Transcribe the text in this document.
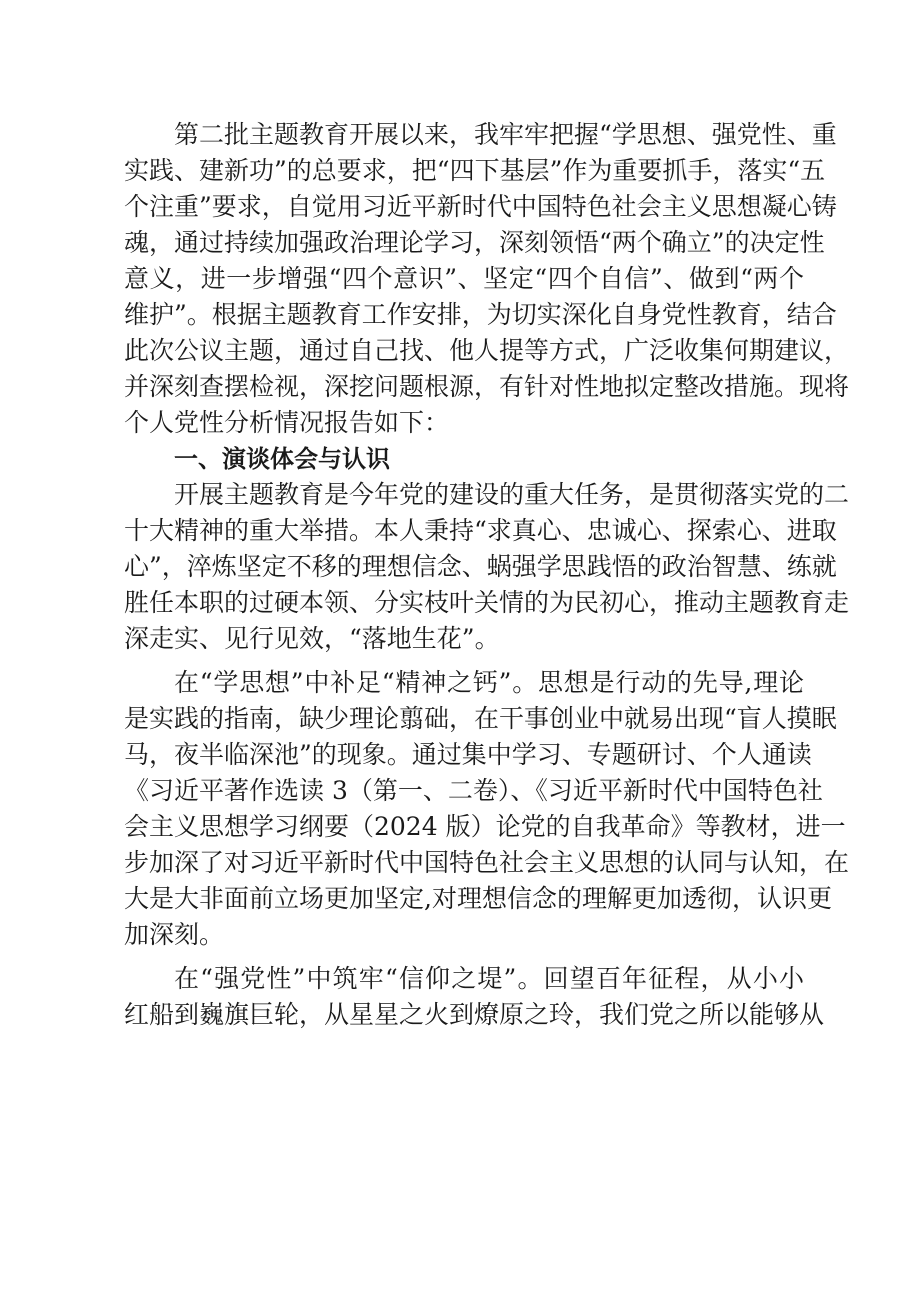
第二批主题教育开展以来，我牢牢把握“学思想、强党性、重
实践、建新功”的总要求，把“四下基层”作为重要抓手，落实“五
个注重”要求，自觉用习近平新时代中国特色社会主义思想凝心铸
魂，通过持续加强政治理论学习，深刻领悟“两个确立”的决定性
意义，进一步增强“四个意识”、坚定“四个自信”、做到“两个
维护”。根据主题教育工作安排，为切实深化自身党性教育，结合
此次公议主题，通过自己找、他人提等方式，广泛收集何期建议，
并深刻查摆检视，深挖问题根源，有针对性地拟定整改措施。现将
个人党性分析情况报告如下：
一、演谈体会与认识
开展主题教育是今年党的建设的重大任务，是贯彻落实党的二
十大精神的重大举措。本人秉持“求真心、忠诚心、探索心、进取
心”，淬炼坚定不移的理想信念、蜗强学思践悟的政治智慧、练就
胜任本职的过硬本领、分实枝叶关情的为民初心，推动主题教育走
深走实、见行见效，“落地生花”。
在“学思想”中补足“精神之钙”。思想是行动的先导,理论
是实践的指南，缺少理论翦础，在干事创业中就易出现“盲人摸眠
马，夜半临深池”的现象。通过集中学习、专题研讨、个人通读
《习近平著作选读 3（第一、二卷）、《习近平新时代中国特色社
会主义思想学习纲要（2024 版）论党的自我革命》等教材，进一
步加深了对习近平新时代中国特色社会主义思想的认同与认知，在
大是大非面前立场更加坚定,对理想信念的理解更加透彻，认识更
加深刻。
在“强党性”中筑牢“信仰之堤”。回望百年征程，从小小
红船到巍旗巨轮，从星星之火到燎原之玲，我们党之所以能够从
